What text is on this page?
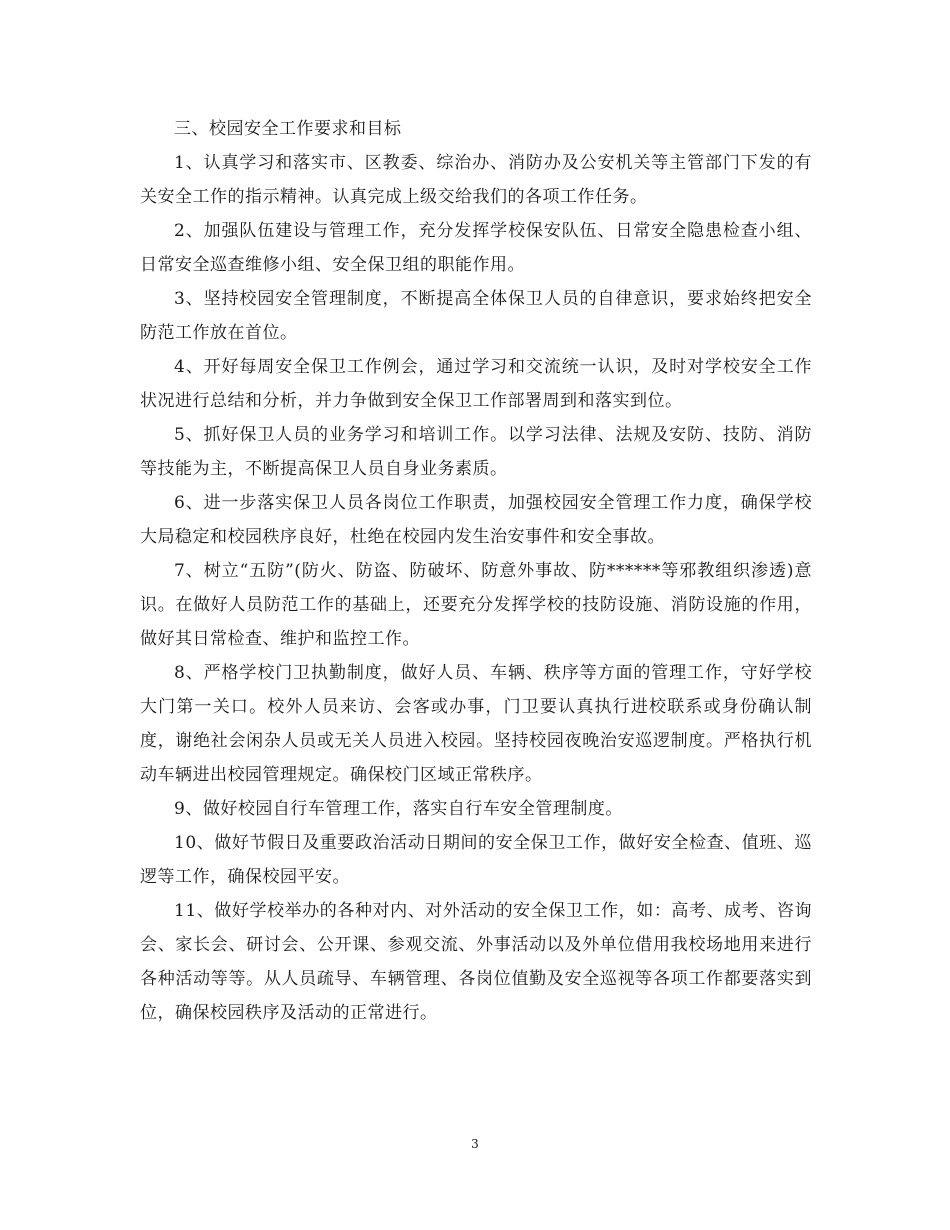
三、校园安全工作要求和目标

1、认真学习和落实市、区教委、综治办、消防办及公安机关等主管部门下发的有关安全工作的指示精神。认真完成上级交给我们的各项工作任务。

2、加强队伍建设与管理工作，充分发挥学校保安队伍、日常安全隐患检查小组、日常安全巡查维修小组、安全保卫组的职能作用。

3、坚持校园安全管理制度，不断提高全体保卫人员的自律意识，要求始终把安全防范工作放在首位。

4、开好每周安全保卫工作例会，通过学习和交流统一认识，及时对学校安全工作状况进行总结和分析，并力争做到安全保卫工作部署周到和落实到位。

5、抓好保卫人员的业务学习和培训工作。以学习法律、法规及安防、技防、消防等技能为主，不断提高保卫人员自身业务素质。

6、进一步落实保卫人员各岗位工作职责，加强校园安全管理工作力度，确保学校大局稳定和校园秩序良好，杜绝在校园内发生治安事件和安全事故。

7、树立“五防”(防火、防盗、防破坏、防意外事故、防******等邪教组织渗透)意识。在做好人员防范工作的基础上，还要充分发挥学校的技防设施、消防设施的作用，做好其日常检查、维护和监控工作。

8、严格学校门卫执勤制度，做好人员、车辆、秩序等方面的管理工作，守好学校大门第一关口。校外人员来访、会客或办事，门卫要认真执行进校联系或身份确认制度，谢绝社会闲杂人员或无关人员进入校园。坚持校园夜晚治安巡逻制度。严格执行机动车辆进出校园管理规定。确保校门区域正常秩序。

9、做好校园自行车管理工作，落实自行车安全管理制度。

10、做好节假日及重要政治活动日期间的安全保卫工作，做好安全检查、值班、巡逻等工作，确保校园平安。

11、做好学校举办的各种对内、对外活动的安全保卫工作，如：高考、成考、咨询会、家长会、研讨会、公开课、参观交流、外事活动以及外单位借用我校场地用来进行各种活动等等。从人员疏导、车辆管理、各岗位值勤及安全巡视等各项工作都要落实到位，确保校园秩序及活动的正常进行。

3
